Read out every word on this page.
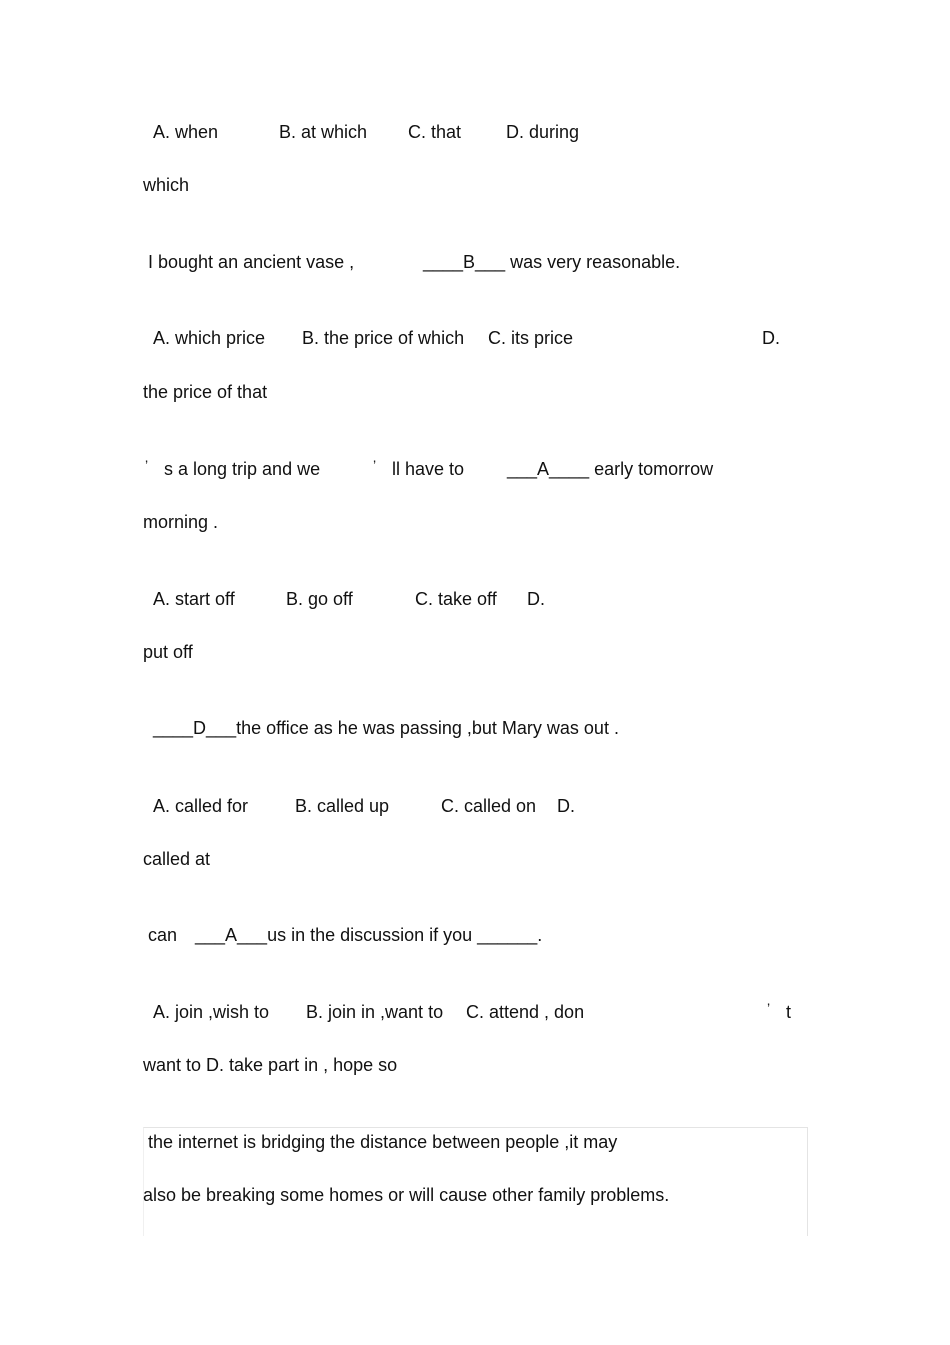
A. when	B. at which C. that D. during
which
I bought an ancient vase ,	____B___ was very reasonable.
A. which price B. the price of which C. its price	D.
the price of that
’ s a long trip and we	’ ll have to ___A____ early tomorrow
morning .
A. start off	B. go off	C. take off D.
put off
____D___the office as he was passing ,but Mary was out .
A. called for	B. called up	C. called on D.
called at
can ___A___us in the discussion if you ______.
A. join ,wish to B. join in ,want to C. attend , don	’ t
want to D. take part in , hope so
the internet is bridging the distance between people ,it may
also be breaking some homes or will cause other family problems.
